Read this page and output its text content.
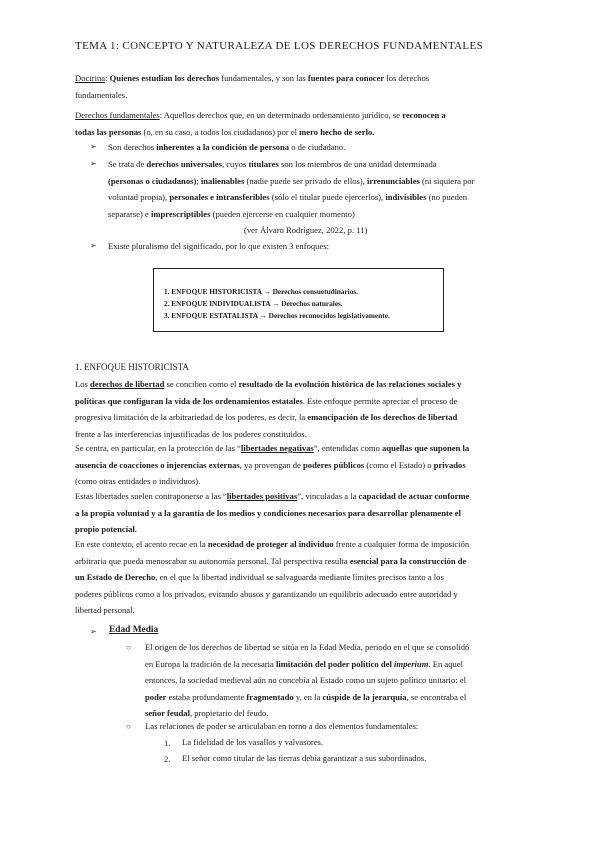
TEMA 1: CONCEPTO Y NATURALEZA DE LOS DERECHOS FUNDAMENTALES
Doctrina: Quienes estudian los derechos fundamentales, y son las fuentes para conocer los derechos
fundamentales.
Derechos fundamentales: Aquellos derechos que, en un determinado ordenamiento jurídico, se reconocen a
todas las personas (o, en su caso, a todos los ciudadanos) por el mero hecho de serlo.
➢ Son derechos inherentes a la condición de persona o de ciudadano.
➢ Se trata de derechos universales, cuyos titulares son los miembros de una unidad determinada
(personas o ciudadanos); inalienables (nadie puede ser privado de ellos), irrenunciables (ni siquiera por
voluntad propia), personales e intransferibles (sólo el titular puede ejercerlos), indivisibles (no pueden
separarse) e imprescriptibles (pueden ejercerse en cualquier momento)
(ver Álvaro Rodríguez, 2022, p. 11)
➢ Existe pluralismo del significado, por lo que existen 3 enfoques:
1. ENFOQUE HISTORICISTA → Derechos consuetudinarios.
2. ENFOQUE INDIVIDUALISTA → Derechos naturales.
3. ENFOQUE ESTATALISTA → Derechos reconocidos legislativamente.
1. ENFOQUE HISTORICISTA
Los derechos de libertad se conciben como el resultado de la evolución histórica de las relaciones sociales y
políticas que configuran la vida de los ordenamientos estatales. Este enfoque permite apreciar el proceso de
progresiva limitación de la arbitrariedad de los poderes, es decir, la emancipación de los derechos de libertad
frente a las interferencias injustificadas de los poderes constituidos.
Se centra, en particular, en la protección de las “libertades negativas”, entendidas como aquellas que suponen la
ausencia de coacciones o injerencias externas, ya provengan de poderes públicos (como el Estado) o privados
(como otras entidades o individuos).
Estas libertades suelen contraponerse a las “libertades positivas”, vinculadas a la capacidad de actuar conforme
a la propia voluntad y a la garantía de los medios y condiciones necesarios para desarrollar plenamente el
propio potencial.
En este contexto, el acento recae en la necesidad de proteger al individuo frente a cualquier forma de imposición
arbitraria que pueda menoscabar su autonomía personal. Tal perspectiva resulta esencial para la construcción de
un Estado de Derecho, en el que la libertad individual se salvaguarda mediante límites precisos tanto a los
poderes públicos como a los privados, evitando abusos y garantizando un equilibrio adecuado entre autoridad y
libertad personal.
➢ Edad Media
○ El origen de los derechos de libertad se sitúa en la Edad Media, periodo en el que se consolidó
en Europa la tradición de la necesaria limitación del poder político del imperium. En aquel
entonces, la sociedad medieval aún no concebía al Estado como un sujeto político unitario: el
poder estaba profundamente fragmentado y, en la cúspide de la jerarquía, se encontraba el
señor feudal, propietario del feudo.
○ Las relaciones de poder se articulaban en torno a dos elementos fundamentales:
1. La fidelidad de los vasallos y valvasores.
2. El señor como titular de las tierras debía garantizar a sus subordinados.
